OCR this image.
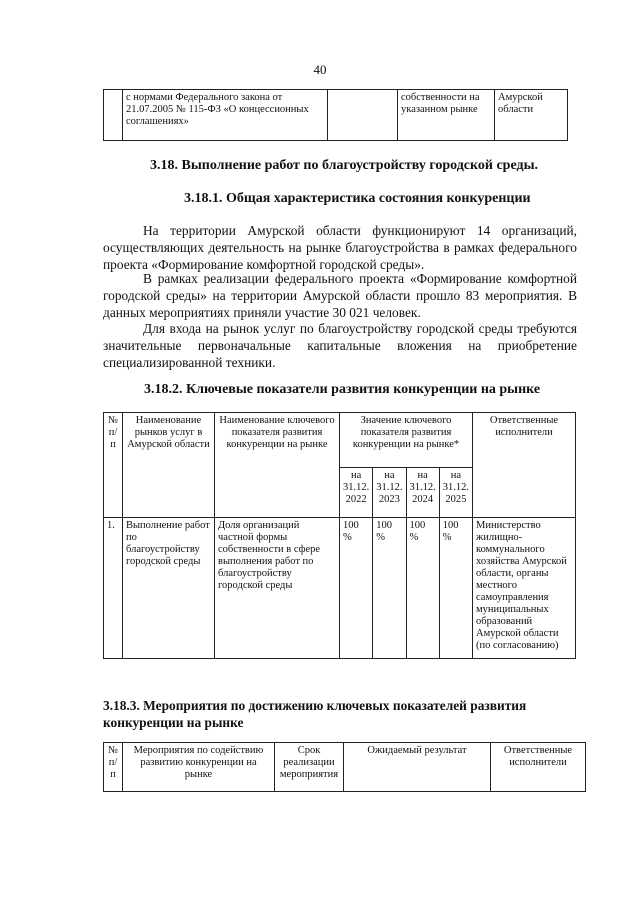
40
	с нормами Федерального закона от 21.07.2005 № 115-ФЗ «О концессионных соглашениях»		собственности на указанном рынке	Амурской области
3.18. Выполнение работ по благоустройству городской среды.
3.18.1. Общая характеристика состояния конкуренции
На территории Амурской области функционируют 14 организаций, осуществляющих деятельность на рынке благоустройства в рамках федерального проекта «Формирование комфортной городской среды».
В рамках реализации федерального проекта «Формирование комфортной городской среды» на территории Амурской области прошло 83 мероприятия. В данных мероприятиях приняли участие 30 021 человек.
Для входа на рынок услуг по благоустройству городской среды требуются значительные первоначальные капитальные вложения на приобретение специализированной техники.
3.18.2. Ключевые показатели развития конкуренции на рынке
№ п/п	Наименование рынков услуг в Амурской области	Наименование ключевого показателя развития конкуренции на рынке	Значение ключевого показателя развития конкуренции на рынке*				Ответственные исполнители
			на 31.12. 2022	на 31.12. 2023	на 31.12. 2024	на 31.12. 2025	
1.	Выполнение работ по благоустройству городской среды	Доля организаций частной формы собственности в сфере выполнения работ по благоустройству городской среды	100 %	100 %	100 %	100 %	Министерство жилищно-коммунального хозяйства Амурской области, органы местного самоуправления муниципальных образований Амурской области (по согласованию)
3.18.3. Мероприятия по достижению ключевых показателей развития конкуренции на рынке
№ п/п	Мероприятия по содействию развитию конкуренции на рынке	Срок реализации мероприятия	Ожидаемый результат	Ответственные исполнители
